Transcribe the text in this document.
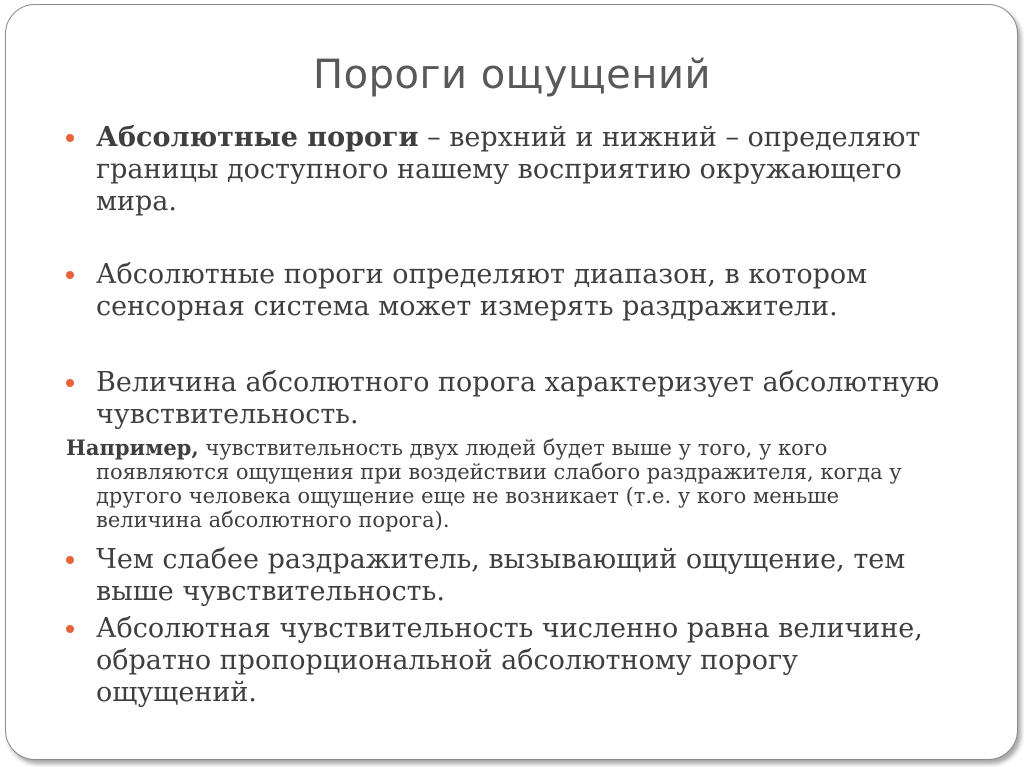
Пороги ощущений
Абсолютные пороги – верхний и нижний – определяют
границы доступного нашему восприятию окружающего
мира.
Абсолютные пороги определяют диапазон, в котором
сенсорная система может измерять раздражители.
Величина абсолютного порога характеризует абсолютную
чувствительность.
Например, чувствительность двух людей будет выше у того, у кого
появляются ощущения при воздействии слабого раздражителя, когда у
другого человека ощущение еще не возникает (т.е. у кого меньше
величина абсолютного порога).
Чем слабее раздражитель, вызывающий ощущение, тем
выше чувствительность.
Абсолютная чувствительность численно равна величине,
обратно пропорциональной абсолютному порогу
ощущений.
